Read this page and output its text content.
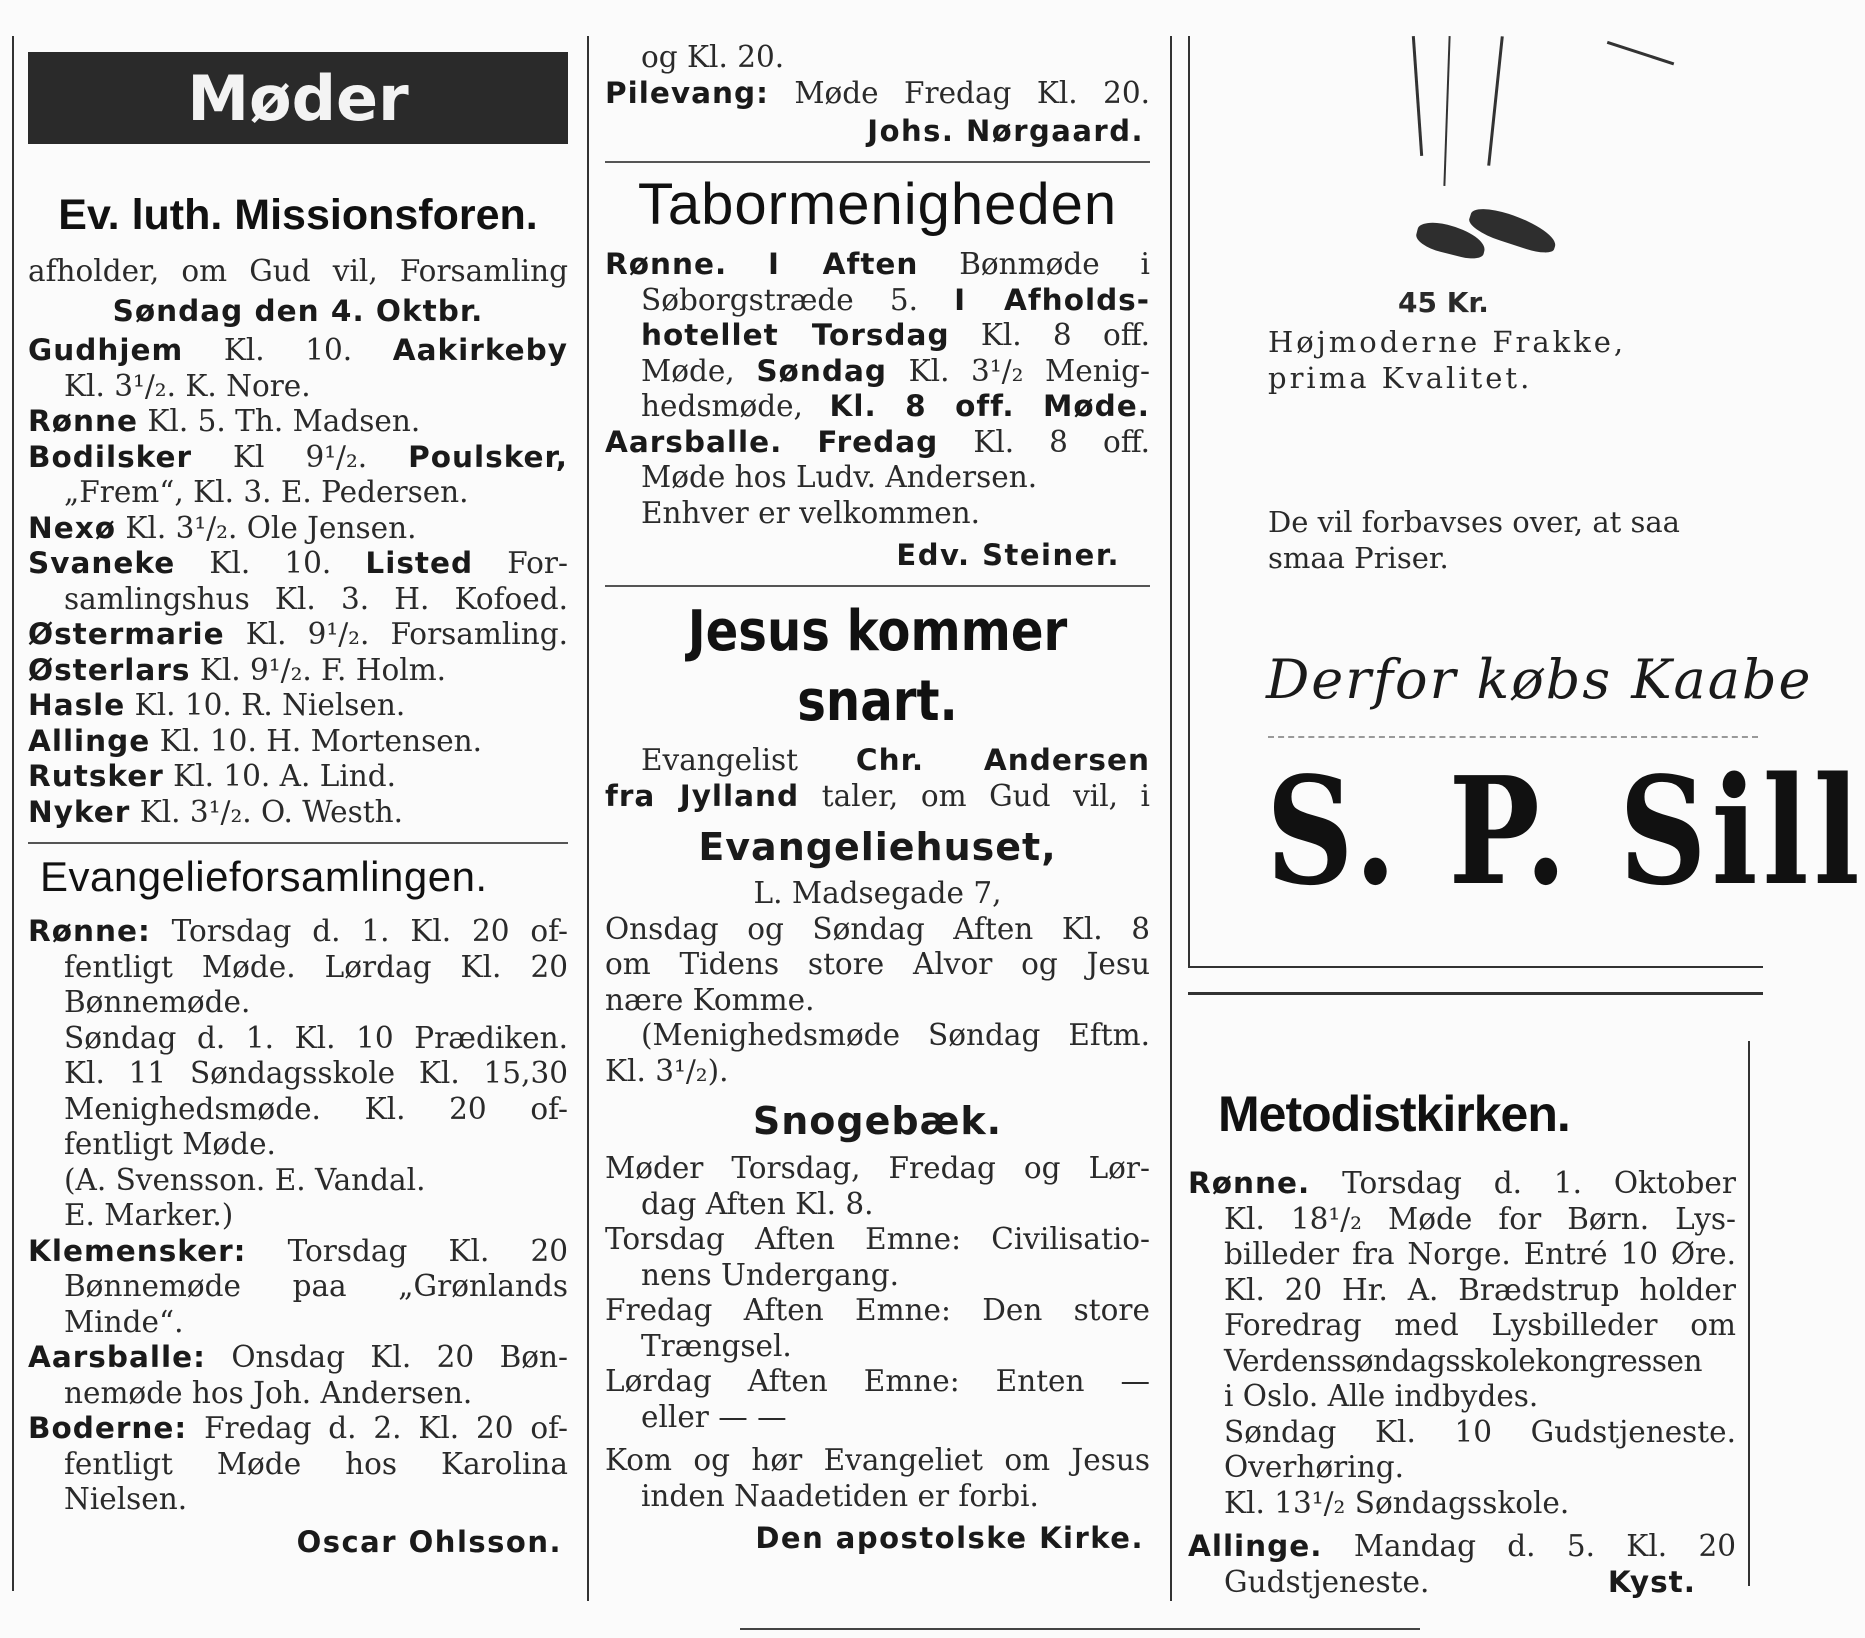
Møder

Ev. luth. Missionsforen.

afholder, om Gud vil, Forsamling

Søndag den 4. Oktbr.

Gudhjem Kl. 10. Aakirkeby

Kl. 3¹/₂. K. Nore.

Rønne Kl. 5. Th. Madsen.

Bodilsker Kl 9¹/₂. Poulsker,

„Frem“, Kl. 3. E. Pedersen.

Nexø Kl. 3¹/₂. Ole Jensen.

Svaneke Kl. 10. Listed For-

samlingshus Kl. 3. H. Kofoed.

Østermarie Kl. 9¹/₂. Forsamling.

Østerlars Kl. 9¹/₂. F. Holm.

Hasle Kl. 10. R. Nielsen.

Allinge Kl. 10. H. Mortensen.

Rutsker Kl. 10. A. Lind.

Nyker Kl. 3¹/₂. O. Westh.

Evangelieforsamlingen.

Rønne: Torsdag d. 1. Kl. 20 of-

fentligt Møde. Lørdag Kl. 20

Bønnemøde.

Søndag d. 1. Kl. 10 Prædiken.

Kl. 11 Søndagsskole Kl. 15,30

Menighedsmøde. Kl. 20 of-

fentligt Møde.

(A. Svensson. E. Vandal.

E. Marker.)

Klemensker: Torsdag Kl. 20

Bønnemøde paa „Grønlands

Minde“.

Aarsballe: Onsdag Kl. 20 Bøn-

nemøde hos Joh. Andersen.

Boderne: Fredag d. 2. Kl. 20 of-

fentligt Møde hos Karolina

Nielsen.

Oscar Ohlsson.

og Kl. 20.

Pilevang: Møde Fredag Kl. 20.

Johs. Nørgaard.

Tabormenigheden

Rønne. I Aften Bønmøde i

Søborgstræde 5. I Afholds-

hotellet Torsdag Kl. 8 off.

Møde, Søndag Kl. 3¹/₂ Menig-

hedsmøde, Kl. 8 off. Møde.

Aarsballe. Fredag Kl. 8 off.

Møde hos Ludv. Andersen.

Enhver er velkommen.

Edv. Steiner.

Jesus kommer snart.

Evangelist Chr. Andersen

fra Jylland taler, om Gud vil, i

Evangeliehuset,

L. Madsegade 7,

Onsdag og Søndag Aften Kl. 8

om Tidens store Alvor og Jesu

nære Komme.

(Menighedsmøde Søndag Eftm.

Kl. 3¹/₂).

Snogebæk.

Møder Torsdag, Fredag og Lør-

dag Aften Kl. 8.

Torsdag Aften Emne: Civilisatio-

nens Undergang.

Fredag Aften Emne: Den store

Trængsel.

Lørdag Aften Emne: Enten —

eller — —

Kom og hør Evangeliet om Jesus

inden Naadetiden er forbi.

Den apostolske Kirke.

45 Kr.

Højmoderne Frakke,
prima Kvalitet.

De vil forbavses over, at saa
smaa Priser.

Derfor købs Kaabe

S. P. Sill

Metodistkirken.

Rønne. Torsdag d. 1. Oktober

Kl. 18¹/₂ Møde for Børn. Lys-

billeder fra Norge. Entré 10 Øre.

Kl. 20 Hr. A. Brædstrup holder

Foredrag med Lysbilleder om

Verdenssøndagsskolekongressen

i Oslo. Alle indbydes.

Søndag Kl. 10 Gudstjeneste.

Overhøring.

Kl. 13¹/₂ Søndagsskole.

Allinge. Mandag d. 5. Kl. 20

Gudstjeneste.	Kyst.
